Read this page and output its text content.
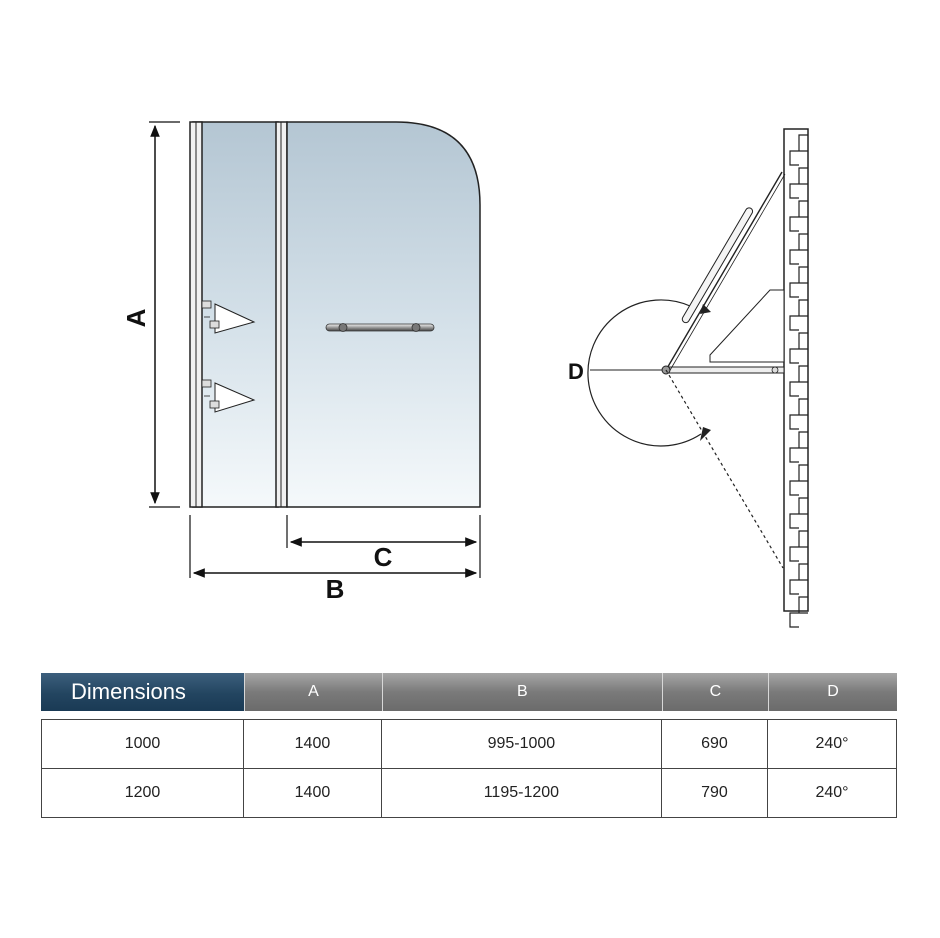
A
C
B
D
Dimensions	A	B	C	D

1000	1400	995-1000	690	240°
1200	1400	1195-1200	790	240°
